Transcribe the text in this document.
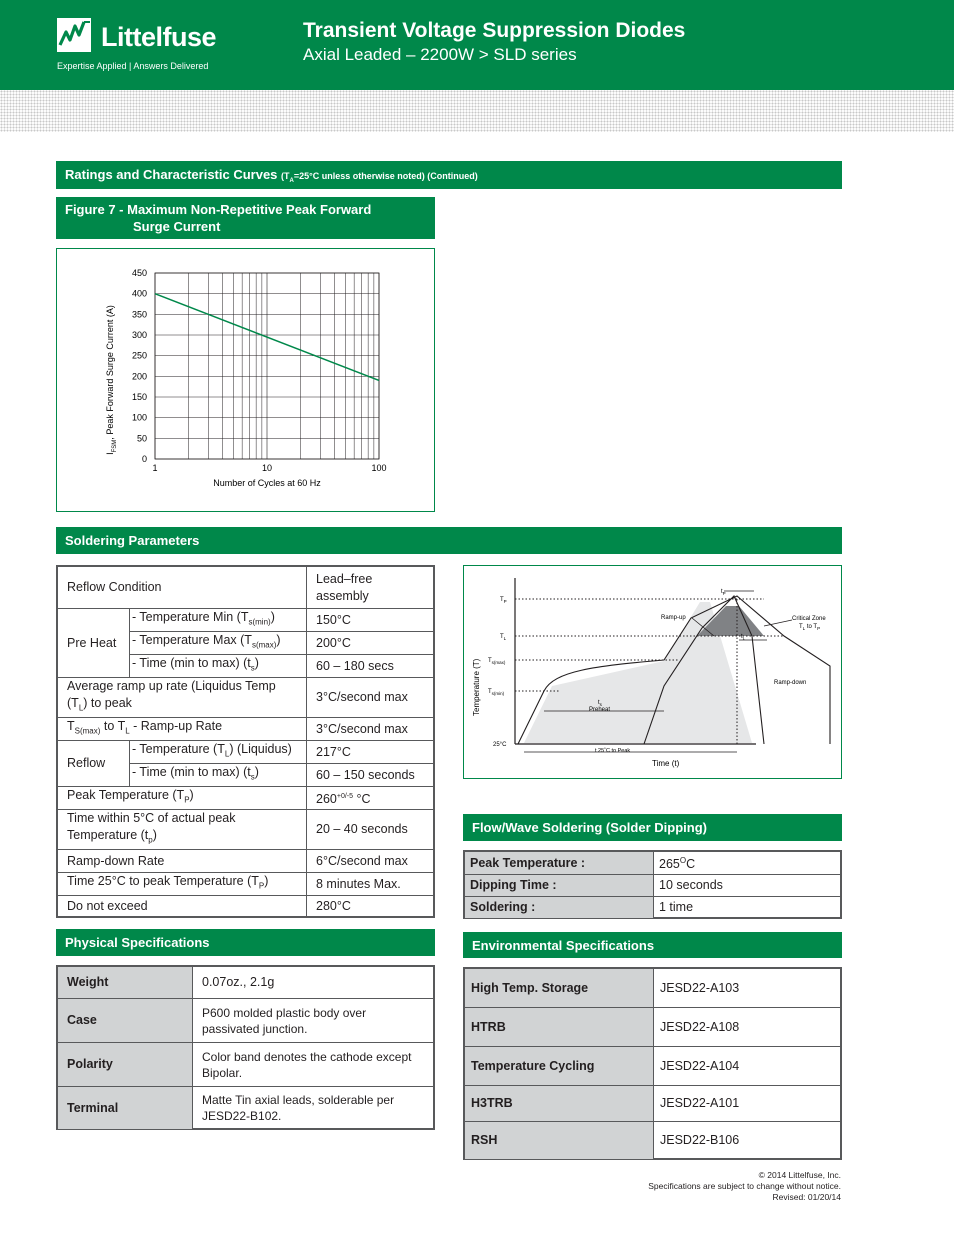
Littelfuse
Expertise Applied | Answers Delivered
Transient Voltage Suppression Diodes
Axial Leaded – 2200W > SLD series
Ratings and Characteristic Curves ($T_A=25^\circ C$ unless otherwise noted) (Continued)
Figure 7 - Maximum Non-Repetitive Peak Forward
Surge Current
1	10	100
0
50
100
150
200
250
300
350
400
450
Number of Cycles at 60 Hz
$I_{FSM}$, Peak Forward Surge Current (A)
Soldering Parameters
Reflow Condition		Lead–free assembly
Pre Heat	- Temperature Min $(T_{s(min)})$	150°C
	- Temperature Max $(T_{s(max)})$	200°C
	- Time (min to max) $(t_s)$	60 – 180 secs
Average ramp up rate (Liquidus Temp
$(T_L)$ to peak		3°C/second max
$T_{S(max)}$ to $T_L$ - Ramp-up Rate		3°C/second max
Reflow	- Temperature $(T_L)$ (Liquidus)	217°C
	- Time (min to max) $(t_s)$	60 – 150 seconds
Peak Temperature $(T_P)$		$260^{+0/-5}$ °C
Time within 5°C of actual peak
Temperature $(t_p)$		20 – 40 seconds
Ramp-down Rate		6°C/second max
Time 25°C to peak Temperature $(T_P)$		8 minutes Max.
Do not exceed		280°C
Temperature (T)
Time (t)
$T_P$
$T_L$
$T_{s(max)}$
$T_{s(min)}$
25°C
$t_P$
$t_L$
$t_s$
Preheat
Ramp-up
Ramp-down
Critical Zone
$T_L$ to $T_P$
t 25˚C to Peak
Flow/Wave Soldering (Solder Dipping)
Peak Temperature :	$265^OC$
Dipping Time :	10 seconds
Soldering :	1 time
Physical Specifications
Weight	0.07oz., 2.1g
Case	P600 molded plastic body over passivated junction.
Polarity	Color band denotes the cathode except Bipolar.
Terminal	Matte Tin axial leads, solderable per JESD22-B102.
Environmental Specifications
High Temp. Storage	JESD22-A103
HTRB	JESD22-A108
Temperature Cycling	JESD22-A104
H3TRB	JESD22-A101
RSH	JESD22-B106
© 2014 Littelfuse, Inc.
Specifications are subject to change without notice.
Revised: 01/20/14
